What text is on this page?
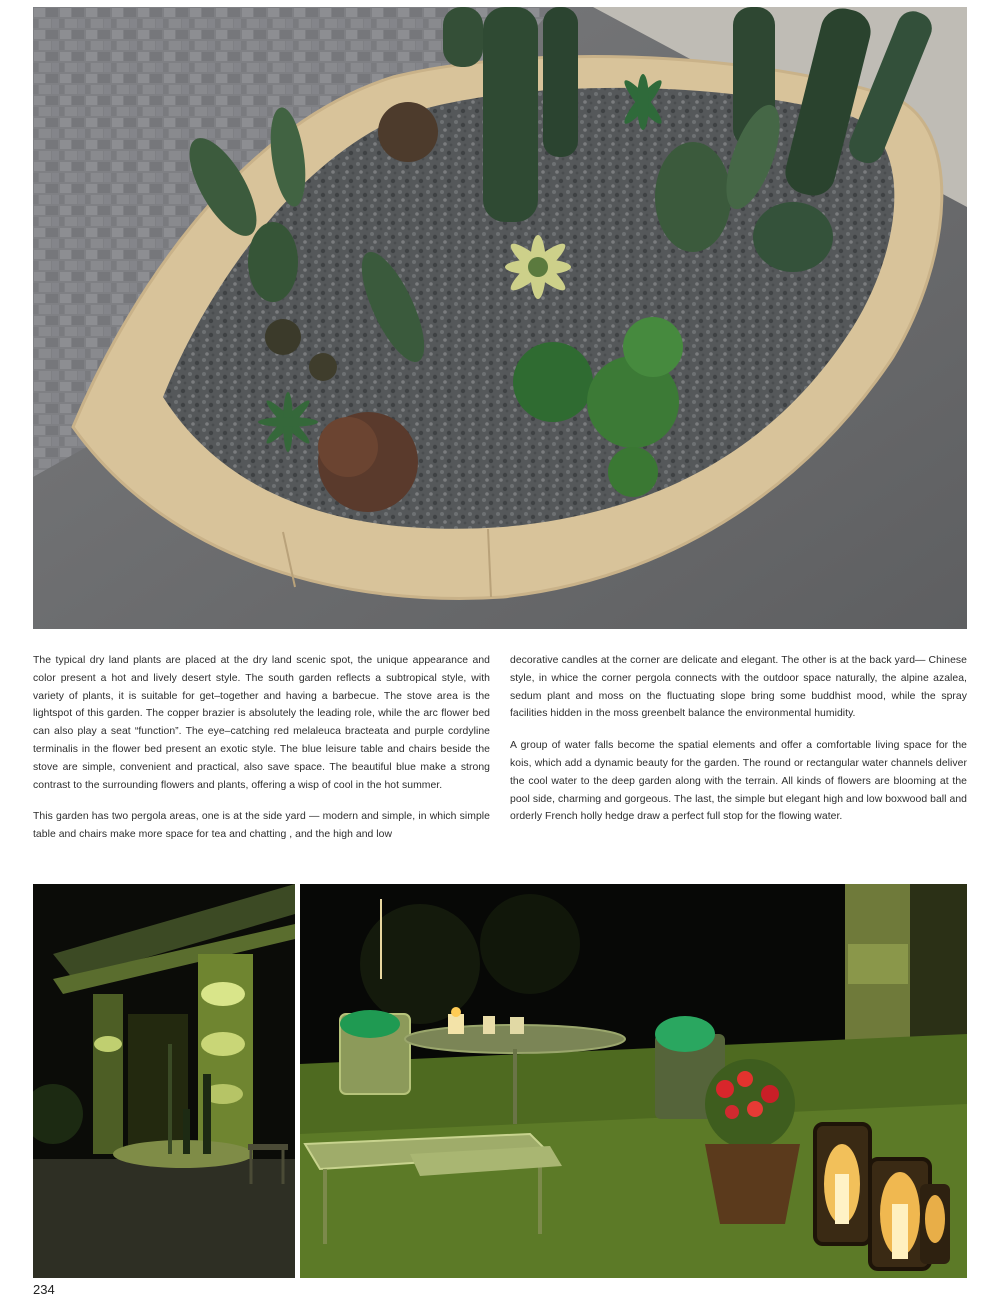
The typical dry land plants are placed at the dry land scenic spot, the unique appearance and color present a hot and lively desert style. The south garden reflects a subtropical style, with variety of plants, it is suitable for get–together and having a barbecue. The stove area is the lightspot of this garden. The copper brazier is absolutely the leading role, while the arc flower bed can also play a seat “function”. The eye–catching red melaleuca bracteata and purple cordyline terminalis in the flower bed present an exotic style. The blue leisure table and chairs beside the stove are simple, convenient and practical, also save space. The beautiful blue make a strong contrast to the surrounding flowers and plants, offering a wisp of cool in the hot summer.

This garden has two pergola areas, one is at the side yard — modern and simple, in which simple table and chairs make more space for tea and chatting , and the high and low

decorative candles at the corner are delicate and elegant. The other is at the back yard— Chinese style, in whice the corner pergola connects with the outdoor space naturally, the alpine azalea, sedum plant and moss on the fluctuating slope bring some buddhist mood, while the spray facilities hidden in the moss greenbelt balance the environmental humidity.

A group of water falls become the spatial elements and offer a comfortable living space for the kois, which add a dynamic beauty for the garden. The round or rectangular water channels deliver the cool water to the deep garden along with the terrain. All kinds of flowers are blooming at the pool side, charming and gorgeous. The last, the simple but elegant high and low boxwood ball and orderly French holly hedge draw a perfect full stop for the flowing water.

234
